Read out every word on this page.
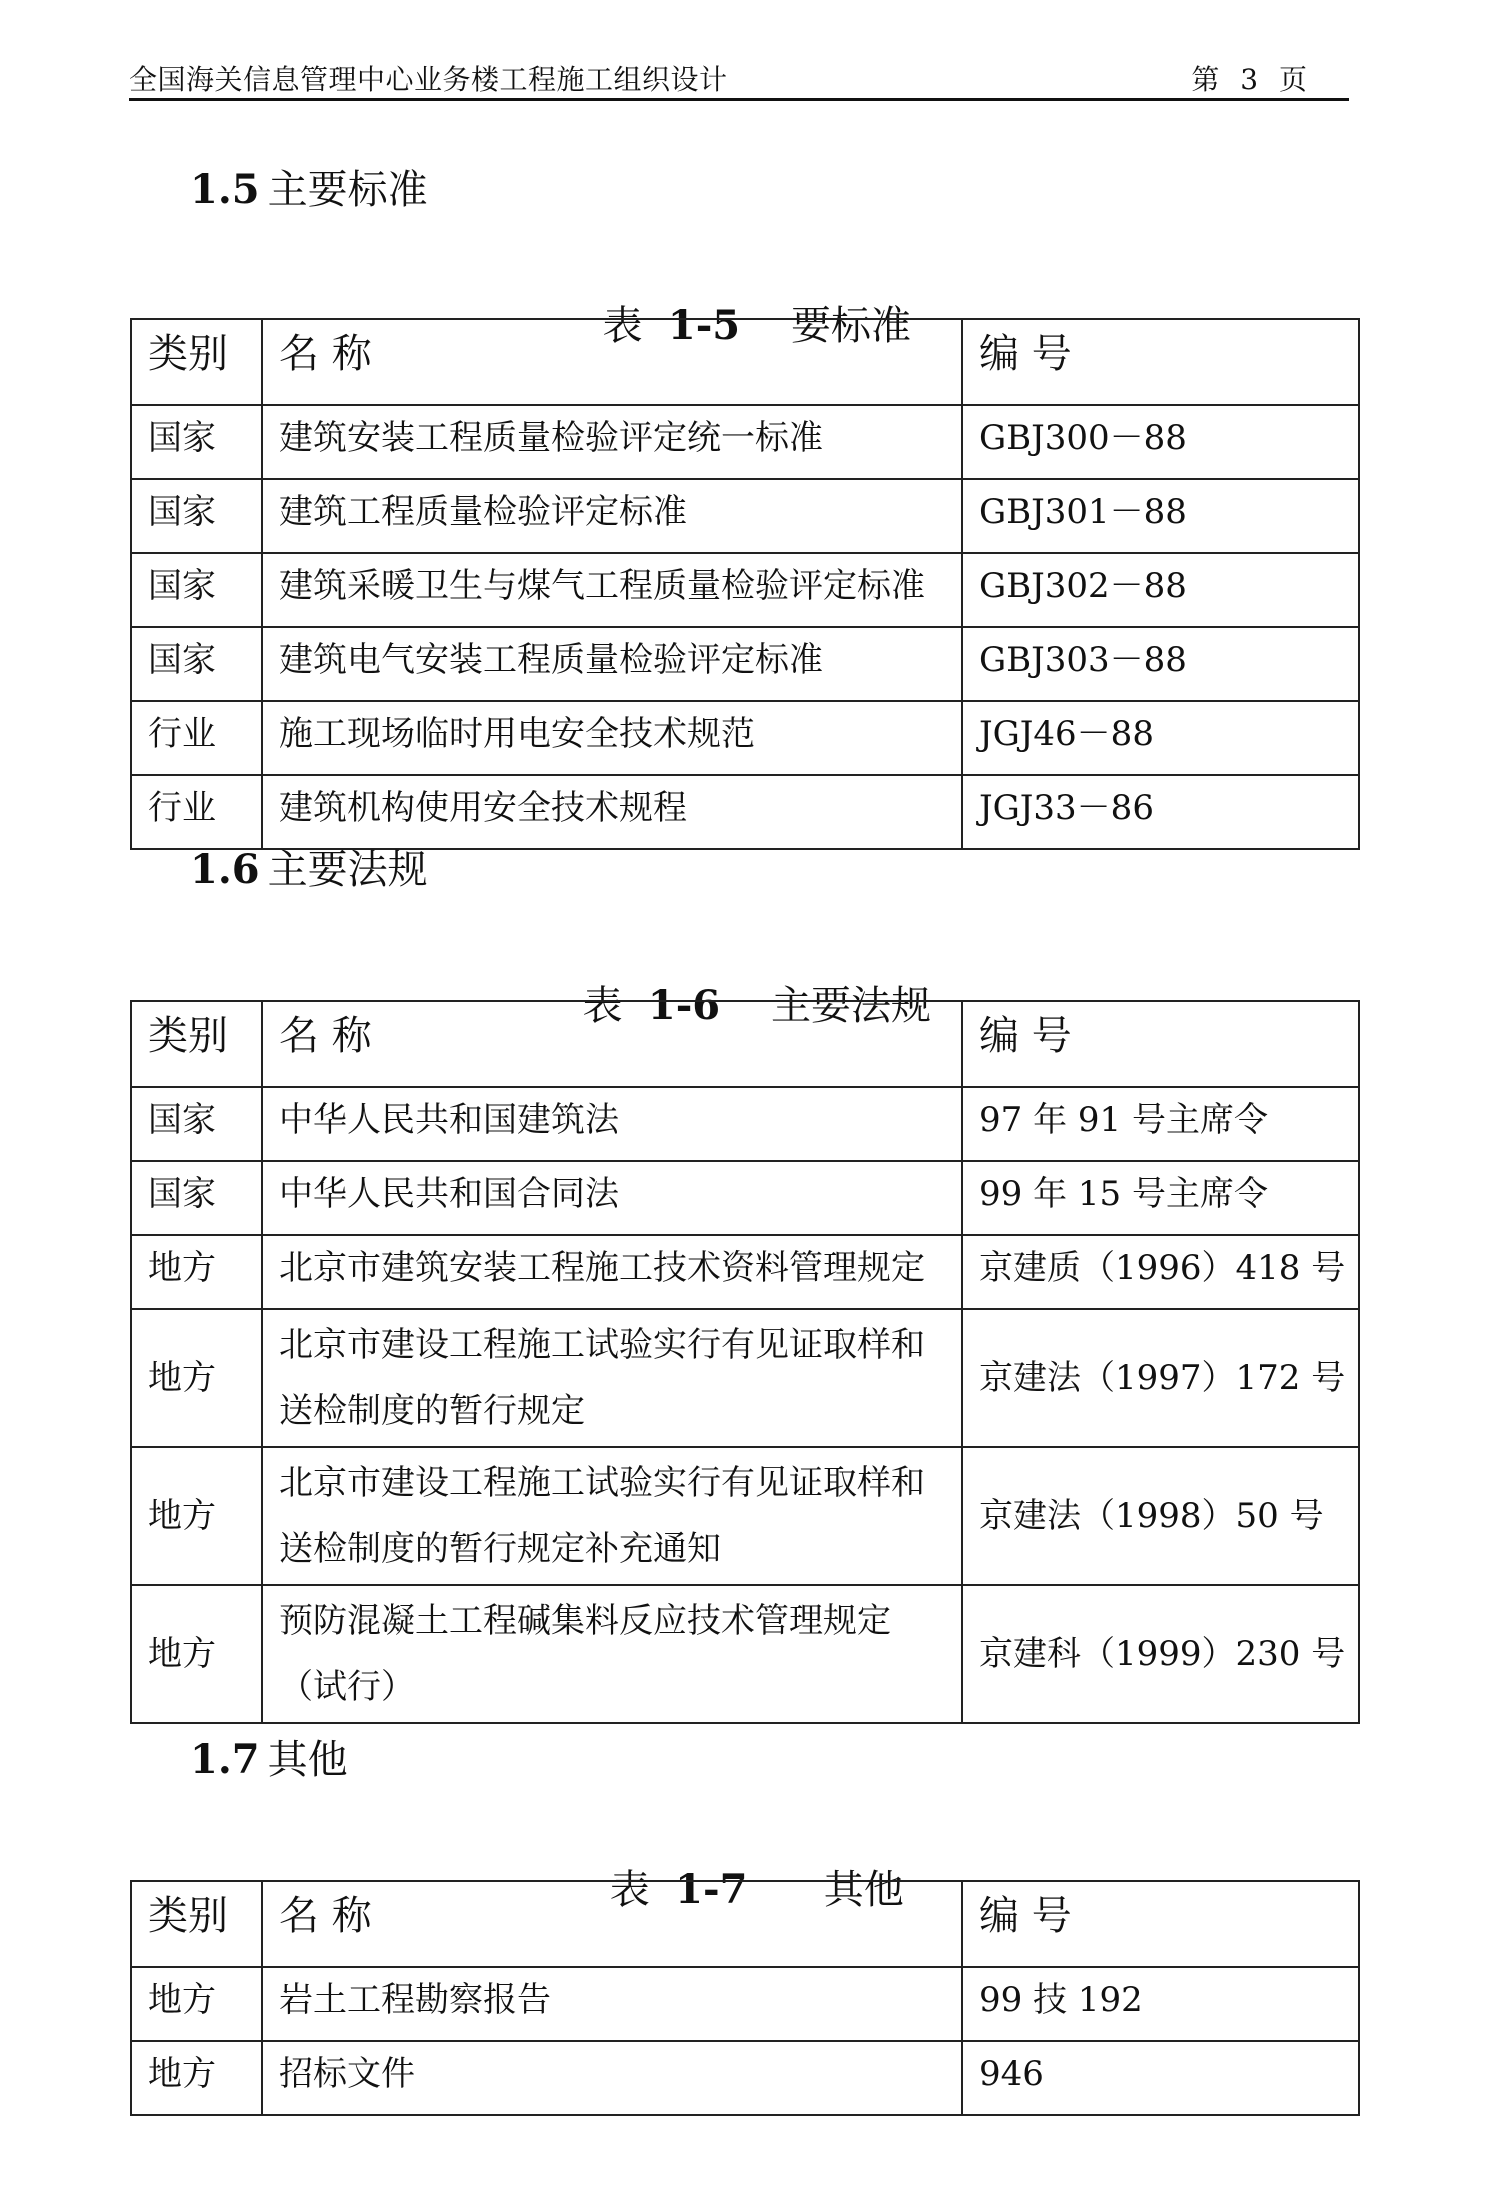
全国海关信息管理中心业务楼工程施工组织设计	第 3 页
1.5 主要标准

表 1-5 要标准

类别	名 称	编 号
国家	建筑安装工程质量检验评定统一标准	GBJ300－88
国家	建筑工程质量检验评定标准	GBJ301－88
国家	建筑采暖卫生与煤气工程质量检验评定标准	GBJ302－88
国家	建筑电气安装工程质量检验评定标准	GBJ303－88
行业	施工现场临时用电安全技术规范	JGJ46－88
行业	建筑机构使用安全技术规程	JGJ33－86
1.6 主要法规

表 1-6 主要法规

类别	名 称	编 号
国家	中华人民共和国建筑法	97 年 91 号主席令
国家	中华人民共和国合同法	99 年 15 号主席令
地方	北京市建筑安装工程施工技术资料管理规定	京建质（1996）418 号
地方	北京市建设工程施工试验实行有见证取样和送检制度的暂行规定	京建法（1997）172 号
地方	北京市建设工程施工试验实行有见证取样和送检制度的暂行规定补充通知	京建法（1998）50 号
地方	预防混凝土工程碱集料反应技术管理规定（试行）	京建科（1999）230 号
1.7 其他

表 1-7 其他

类别	名 称	编 号
地方	岩土工程勘察报告	99 技 192
地方	招标文件	946
